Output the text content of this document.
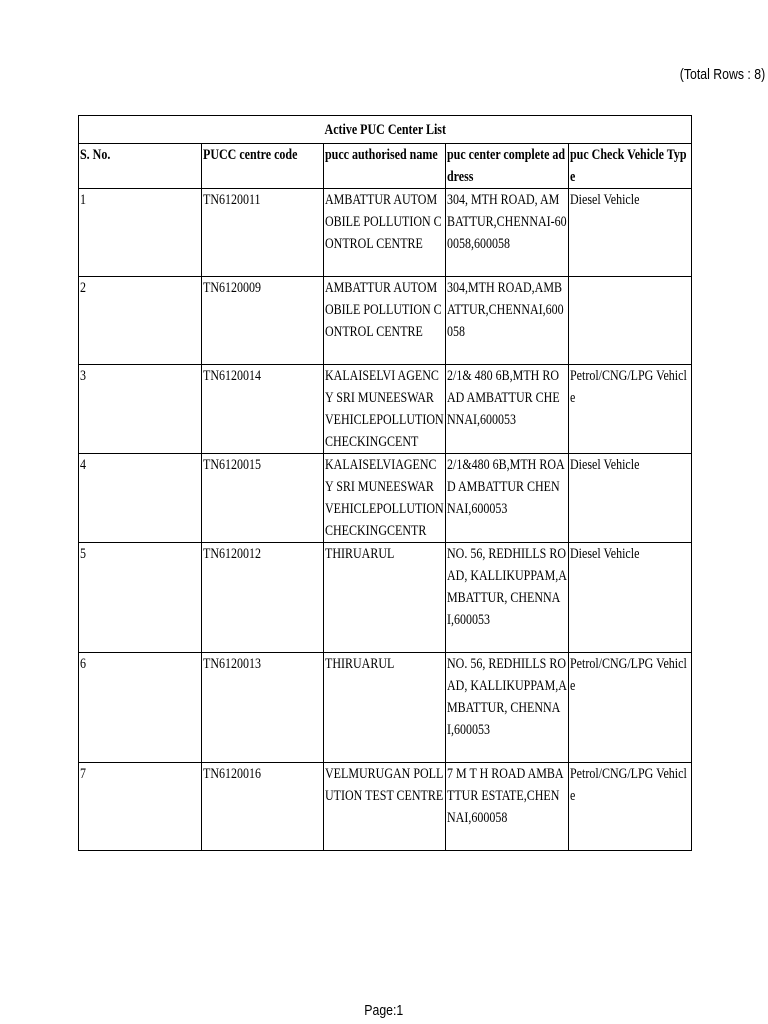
(Total Rows : 8)
Active PUC Center List				

S. No.	PUCC centre code	pucc authorised name	puc center complete address	puc Check Vehicle Type

1	TN6120011	AMBATTUR AUTOMOBILE POLLUTION CONTROL CENTRE	304, MTH ROAD, AMBATTUR,CHENNAI-600058,600058	Diesel Vehicle

2	TN6120009	AMBATTUR AUTOMOBILE POLLUTION CONTROL CENTRE	304,MTH ROAD,AMBATTUR,CHENNAI,600058	

3	TN6120014	KALAISELVI AGENCY SRI MUNEESWAR VEHICLEPOLLUTIONCHECKINGCENT	2/1& 480 6B,MTH ROAD AMBATTUR CHENNAI,600053	Petrol/CNG/LPG Vehicle

4	TN6120015	KALAISELVIAGENCY SRI MUNEESWAR VEHICLEPOLLUTIONCHECKINGCENTR	2/1&480 6B,MTH ROAD AMBATTUR CHENNAI,600053	Diesel Vehicle

5	TN6120012	THIRUARUL	NO. 56, REDHILLS ROAD, KALLIKUPPAM,AMBATTUR, CHENNAI,600053	Diesel Vehicle

6	TN6120013	THIRUARUL	NO. 56, REDHILLS ROAD, KALLIKUPPAM,AMBATTUR, CHENNAI,600053	Petrol/CNG/LPG Vehicle

7	TN6120016	VELMURUGAN POLLUTION TEST CENTRE	7 M T H ROAD AMBATTUR ESTATE,CHENNAI,600058	Petrol/CNG/LPG Vehicle
Page:1
